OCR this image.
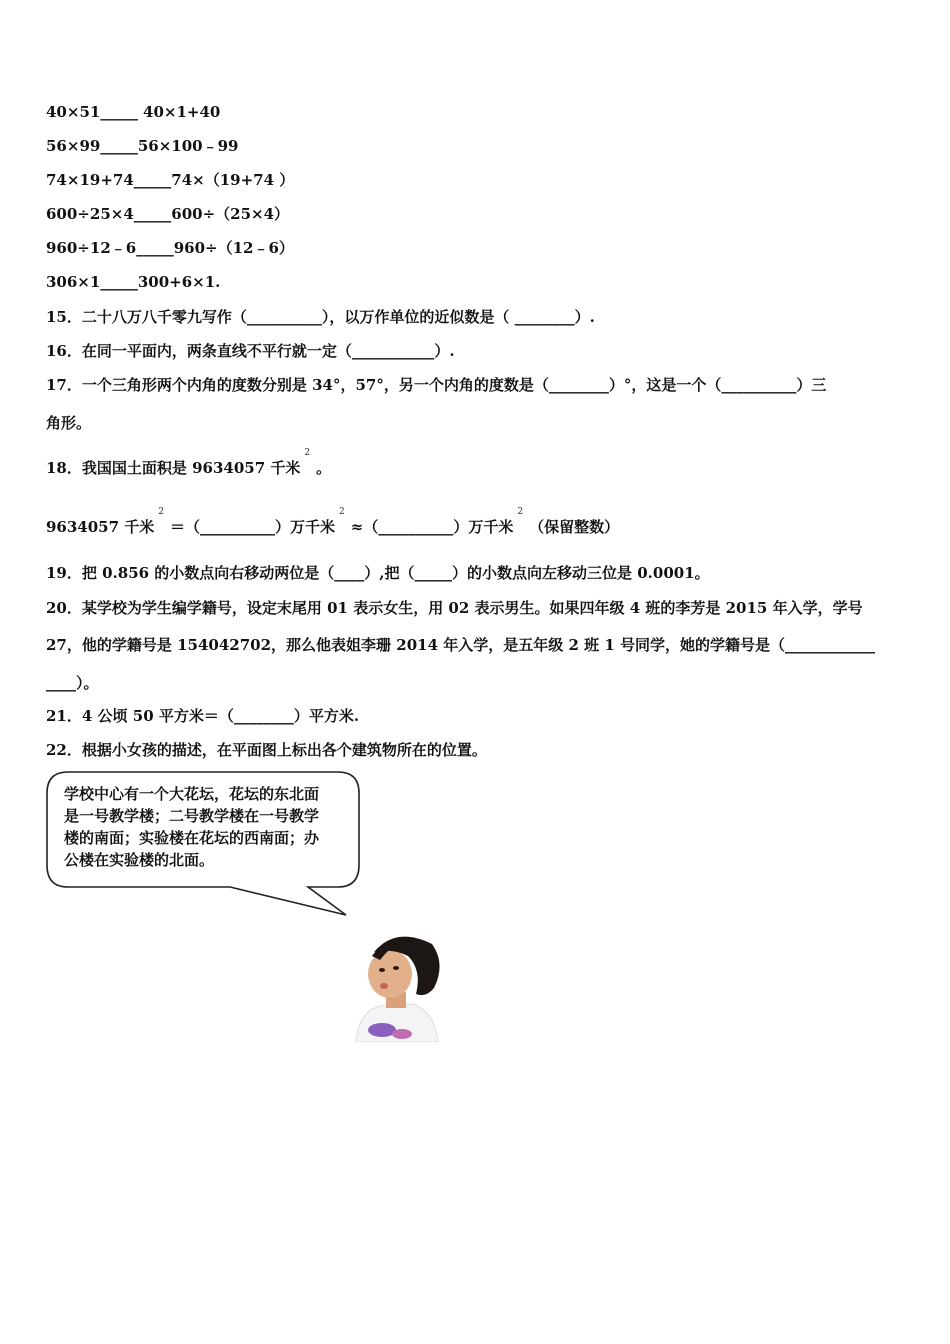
40×51_____ 40×1+40
56×99_____56×100﹣99
74×19+74_____74×（19+74 ）
600÷25×4_____600÷（25×4）
960÷12﹣6_____960÷（12﹣6）
306×1_____300+6×1.
15．二十八万八千零九写作（__________），以万作单位的近似数是（ ________）.
16．在同一平面内，两条直线不平行就一定（___________）.
17．一个三角形两个内角的度数分别是 34°，57°，另一个内角的度数是（________）°，这是一个（__________）三
角形。
18．我国国土面积是 9634057 千米$^2$。
9634057 千米$^2$＝（__________）万千米$^2$≈（__________）万千米$^2$（保留整数）
19．把 0.856 的小数点向右移动两位是（____）,把（_____）的小数点向左移动三位是 0.0001。
20．某学校为学生编学籍号，设定末尾用 01 表示女生，用 02 表示男生。如果四年级 4 班的李芳是 2015 年入学，学号
27，他的学籍号是 154042702，那么他表姐李珊 2014 年入学，是五年级 2 班 1 号同学，她的学籍号是（____________
____）。
21．4 公顷 50 平方米＝（________）平方米.
22．根据小女孩的描述，在平面图上标出各个建筑物所在的位置。
学校中心有一个大花坛，花坛的东北面
是一号教学楼；二号教学楼在一号教学
楼的南面；实验楼在花坛的西南面；办
公楼在实验楼的北面。
